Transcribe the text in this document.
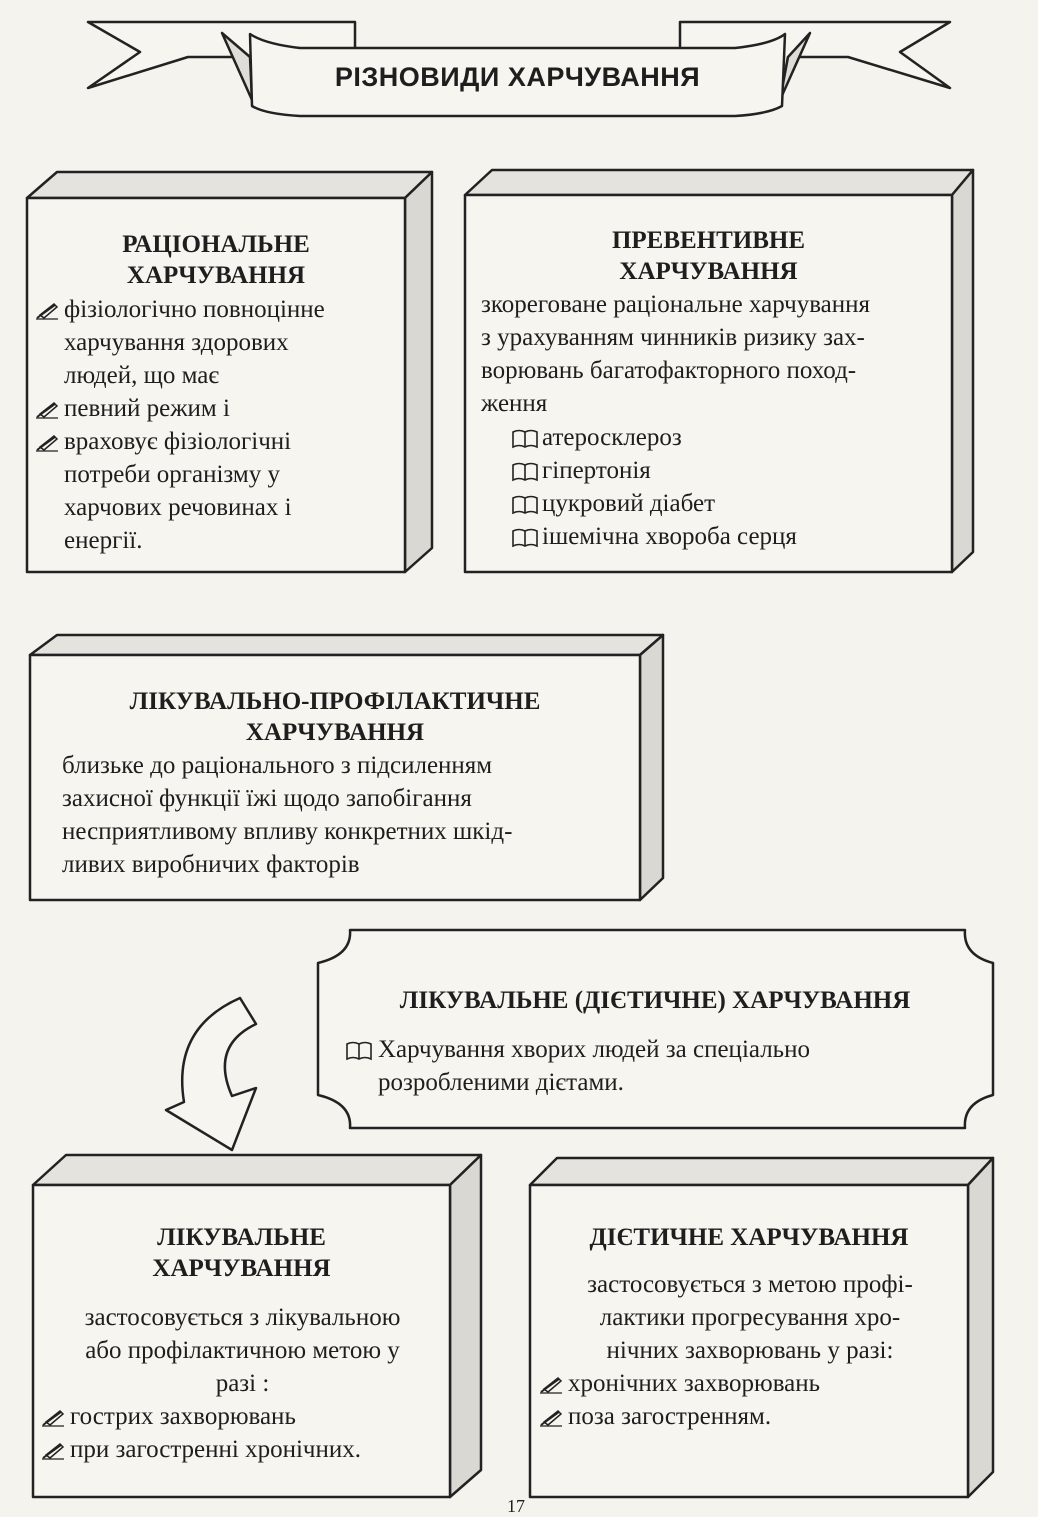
РІЗНОВИДИ ХАРЧУВАННЯ
РАЦІОНАЛЬНЕ
ХАРЧУВАННЯ
фізіологічно повноцінне
харчування здорових
людей, що має
певний режим і
враховує фізіологічні
потреби організму у
харчових речовинах і
енергії.
ПРЕВЕНТИВНЕ
ХАРЧУВАННЯ
зкореговане раціональне харчування
з урахуванням чинників ризику зах-
ворювань багатофакторного поход-
ження
атеросклероз
гіпертонія
цукровий діабет
ішемічна хвороба серця
ЛІКУВАЛЬНО-ПРОФІЛАКТИЧНЕ
ХАРЧУВАННЯ
близьке до раціонального з підсиленням
захисної функції їжі щодо запобігання
несприятливому впливу конкретних шкід-
ливих виробничих факторів
ЛІКУВАЛЬНЕ (ДІЄТИЧНЕ) ХАРЧУВАННЯ
Харчування хворих людей за спеціально
розробленими дієтами.
ЛІКУВАЛЬНЕ
ХАРЧУВАННЯ
застосовується з лікувальною
або профілактичною метою у
разі :
гострих захворювань
при загостренні хронічних.
ДІЄТИЧНЕ ХАРЧУВАННЯ
застосовується з метою профі-
лактики прогресування хро-
нічних захворювань у разі:
хронічних захворювань
поза загостренням.
17
